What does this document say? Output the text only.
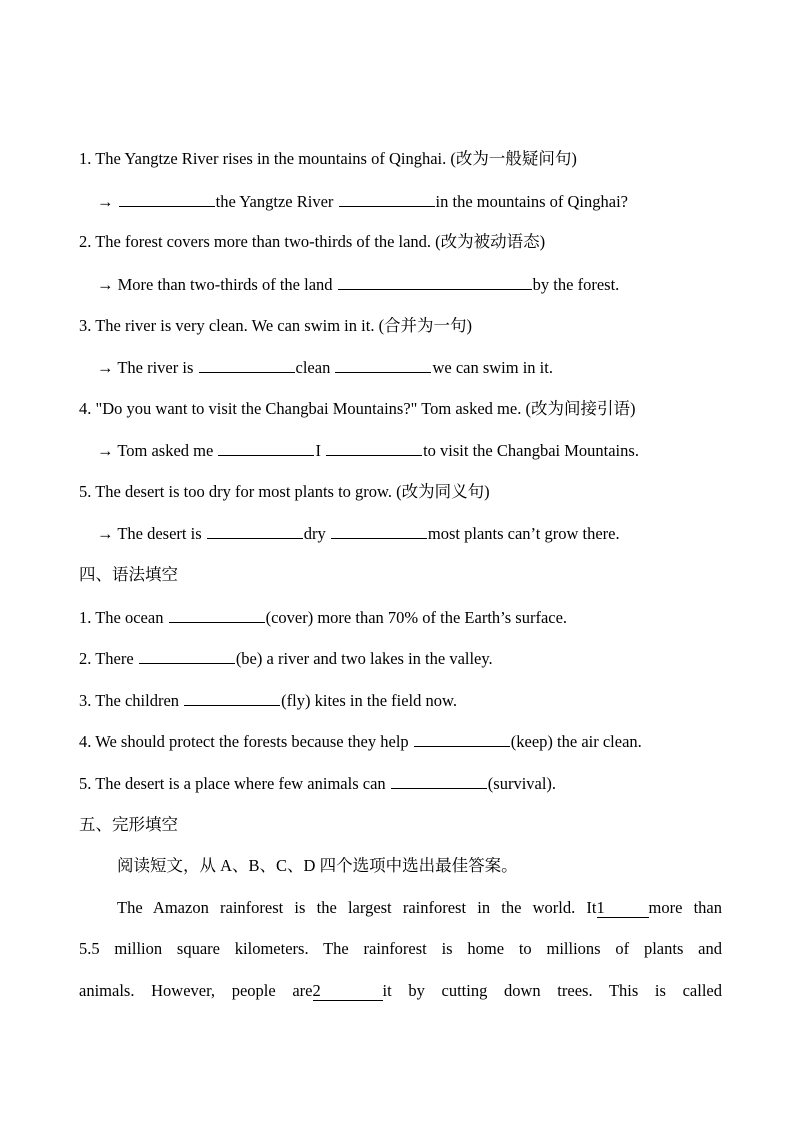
1. The Yangtze River rises in the mountains of Qinghai. (改为一般疑问句)
→	the Yangtze River	in the mountains of Qinghai?
2. The forest covers more than two-thirds of the land. (改为被动语态)
→ More than two-thirds of the land	by the forest.
3. The river is very clean. We can swim in it. (合并为一句)
→ The river is	clean	we can swim in it.
4. "Do you want to visit the Changbai Mountains?" Tom asked me. (改为间接引语)
→ Tom asked me	I	to visit the Changbai Mountains.
5. The desert is too dry for most plants to grow. (改为同义句)
→ The desert is	dry	most plants can’t grow there.
四、语法填空
1. The ocean	(cover) more than 70% of the Earth’s surface.
2. There	(be) a river and two lakes in the valley.
3. The children	(fly) kites in the field now.
4. We should protect the forests because they help	(keep) the air clean.
5. The desert is a place where few animals can	(survival).
五、完形填空
阅读短文，从 A、B、C、D 四个选项中选出最佳答案。
The Amazon rainforest is the largest rainforest in the world. It1	more than
5.5 million square kilometers. The rainforest is home to millions of plants and
animals. However, people are2	it by cutting down trees. This is called
